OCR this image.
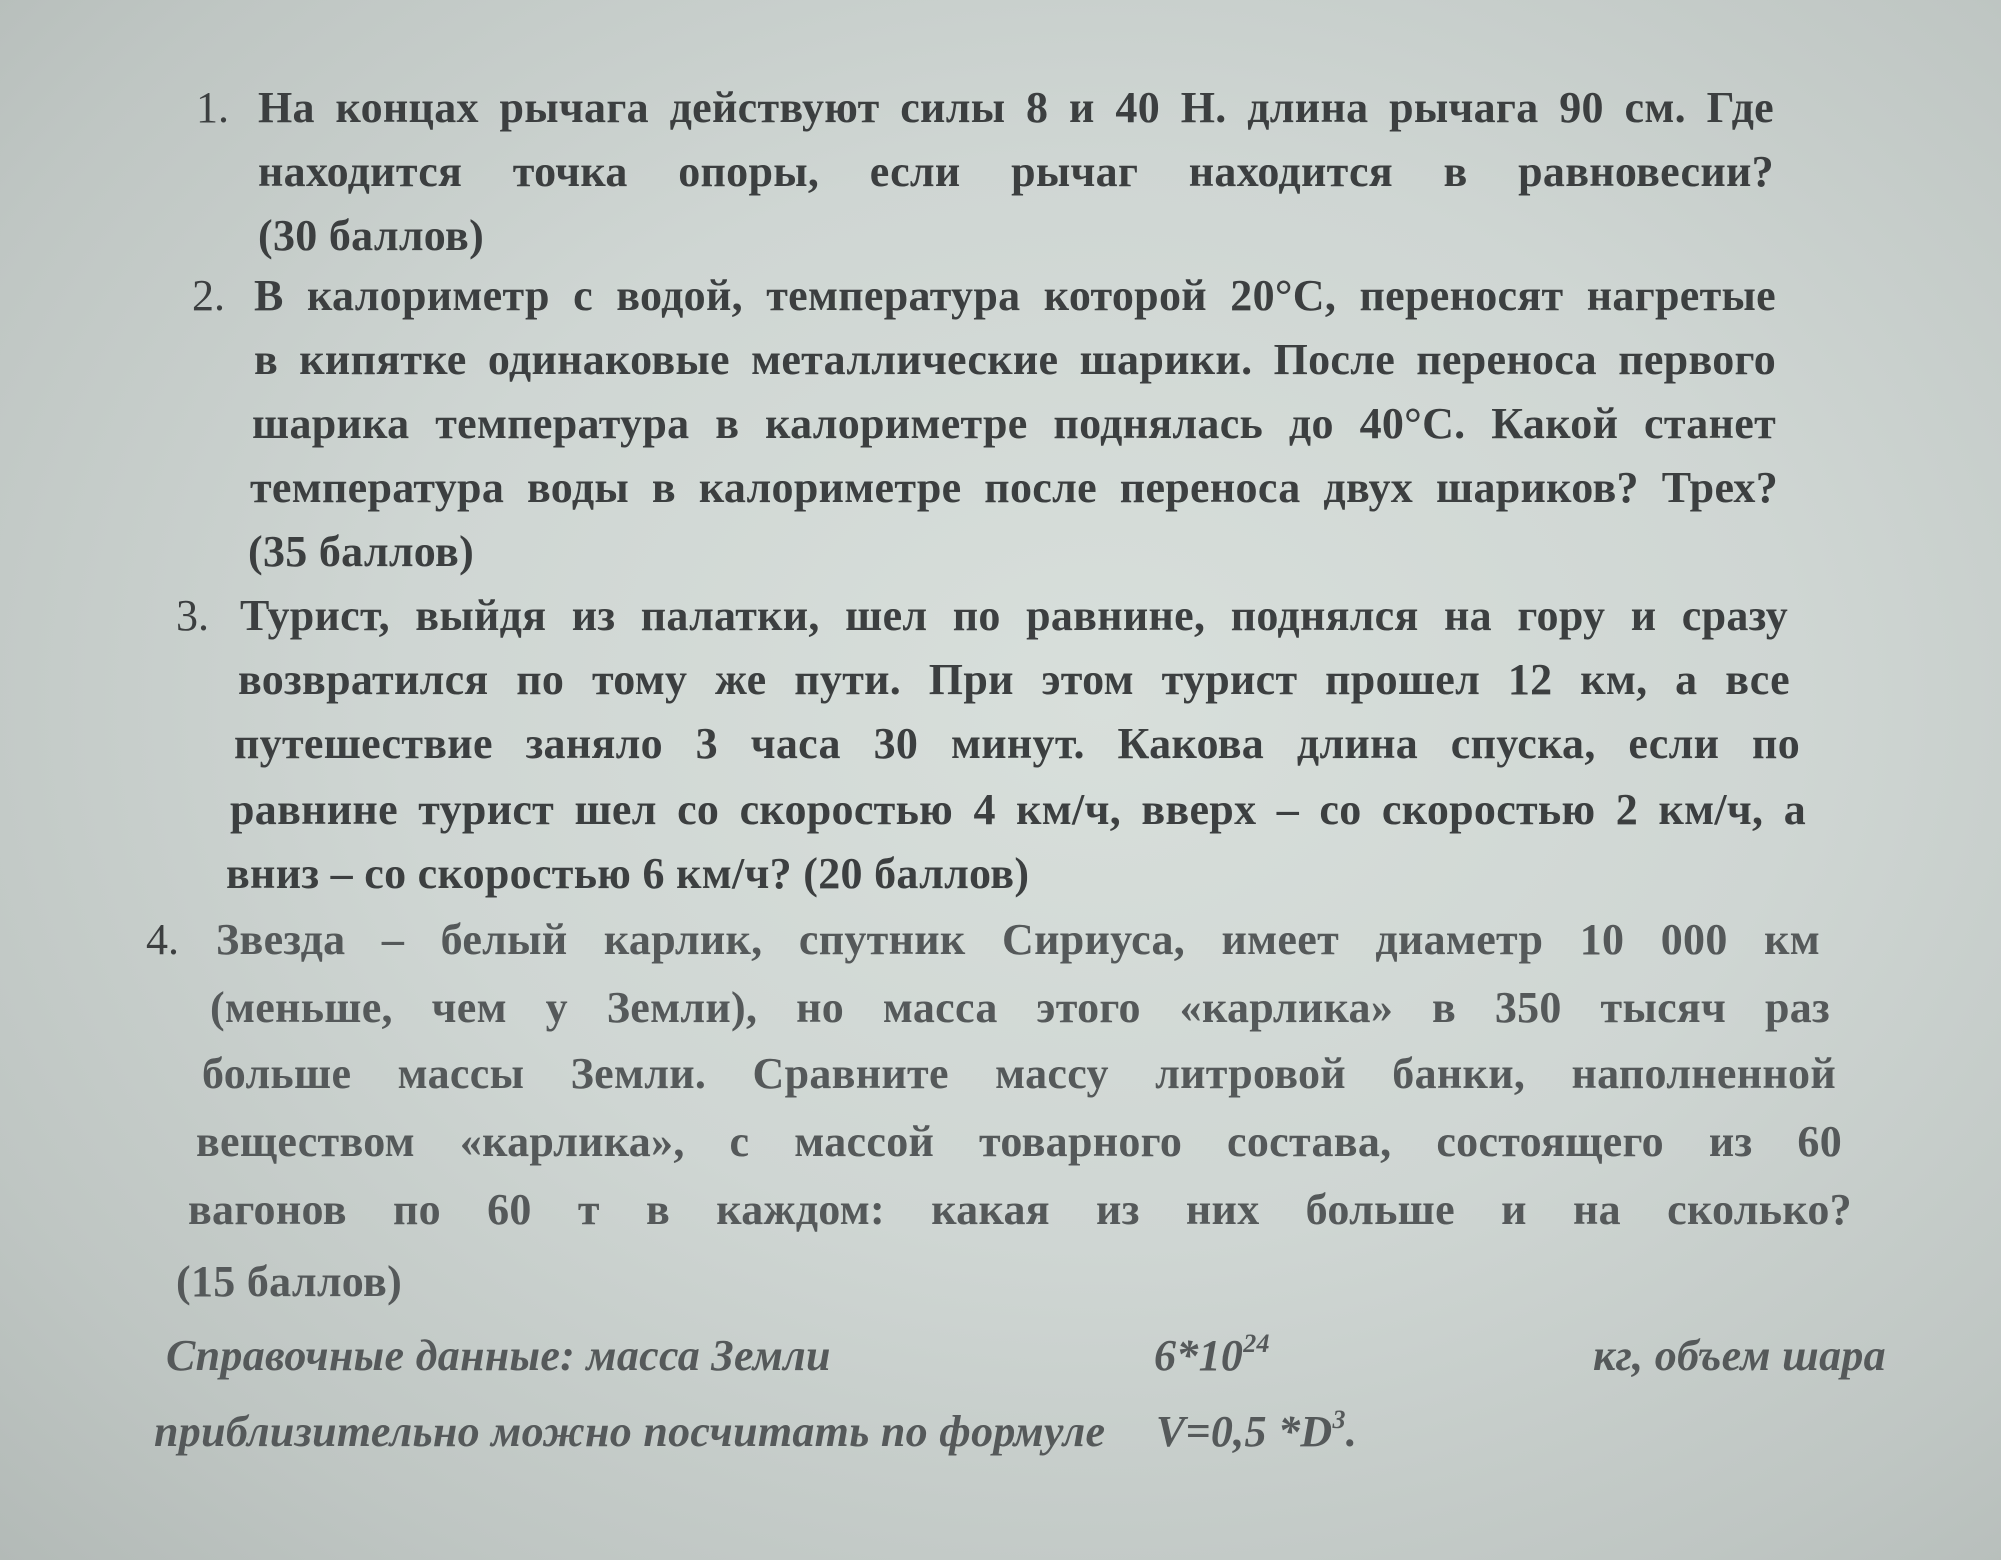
1. На концах рычага действуют силы 8 и 40 Н. длина рычага 90 см. Где
находится точка опоры, если рычаг находится в равновесии?
(30 баллов)
2. В калориметр с водой, температура которой 20°С, переносят нагретые
в кипятке одинаковые металлические шарики. После переноса первого
шарика температура в калориметре поднялась до 40°С. Какой станет
температура воды в калориметре после переноса двух шариков? Трех?
(35 баллов)
3. Турист, выйдя из палатки, шел по равнине, поднялся на гору и сразу
возвратился по тому же пути. При этом турист прошел 12 км, а все
путешествие заняло 3 часа 30 минут. Какова длина спуска, если по
равнине турист шел со скоростью 4 км/ч, вверх – со скоростью 2 км/ч, а
вниз – со скоростью 6 км/ч? (20 баллов)
4. Звезда – белый карлик, спутник Сириуса, имеет диаметр 10 000 км
(меньше, чем у Земли), но масса этого «карлика» в 350 тысяч раз
больше массы Земли. Сравните массу литровой банки, наполненной
веществом «карлика», с массой товарного состава, состоящего из 60
вагонов по 60 т в каждом: какая из них больше и на сколько?
(15 баллов)
Справочные данные: масса Земли	$6*10^{24}$	кг, объем шара
приблизительно можно посчитать по формуле V=0,5 $*D^3$.
